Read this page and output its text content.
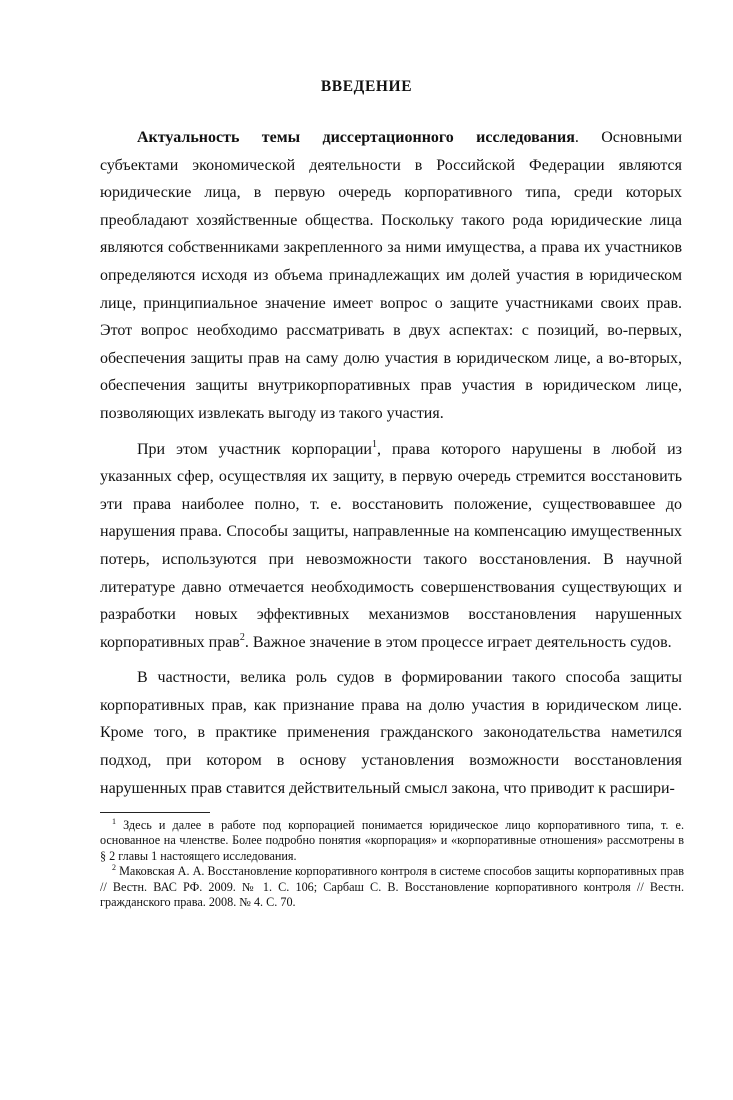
ВВЕДЕНИЕ

Актуальность темы диссертационного исследования. Основными субъектами экономической деятельности в Российской Федерации являются юридические лица, в первую очередь корпоративного типа, среди которых преобладают хозяйственные общества. Поскольку такого рода юридические лица являются собственниками закрепленного за ними имущества, а права их участников определяются исходя из объема принадлежащих им долей участия в юридическом лице, принципиальное значение имеет вопрос о защите участниками своих прав. Этот вопрос необходимо рассматривать в двух аспектах: с позиций, во-первых, обеспечения защиты прав на саму долю участия в юридическом лице, а во-вторых, обеспечения защиты внутрикорпоративных прав участия в юридическом лице, позволяющих извлекать выгоду из такого участия.

При этом участник корпорации$^1$, права которого нарушены в любой из указанных сфер, осуществляя их защиту, в первую очередь стремится восстановить эти права наиболее полно, т. е. восстановить положение, существовавшее до нарушения права. Способы защиты, направленные на компенсацию имущественных потерь, используются при невозможности такого восстановления. В научной литературе давно отмечается необходимость совершенствования существующих и разработки новых эффективных механизмов восстановления нарушенных корпоративных прав$^2$. Важное значение в этом процессе играет деятельность судов.

В частности, велика роль судов в формировании такого способа защиты корпоративных прав, как признание права на долю участия в юридическом лице. Кроме того, в практике применения гражданского законодательства наметился подход, при котором в основу установления возможности восстановления нарушенных прав ставится действительный смысл закона, что приводит к расшири-

$^1$ Здесь и далее в работе под корпорацией понимается юридическое лицо корпоративного типа, т. е. основанное на членстве. Более подробно понятия «корпорация» и «корпоративные отношения» рассмотрены в § 2 главы 1 настоящего исследования.

$^2$ Маковская А. А. Восстановление корпоративного контроля в системе способов защиты корпоративных прав // Вестн. ВАС РФ. 2009. № 1. С. 106; Сарбаш С. В. Восстановление корпоративного контроля // Вестн. гражданского права. 2008. № 4. С. 70.
